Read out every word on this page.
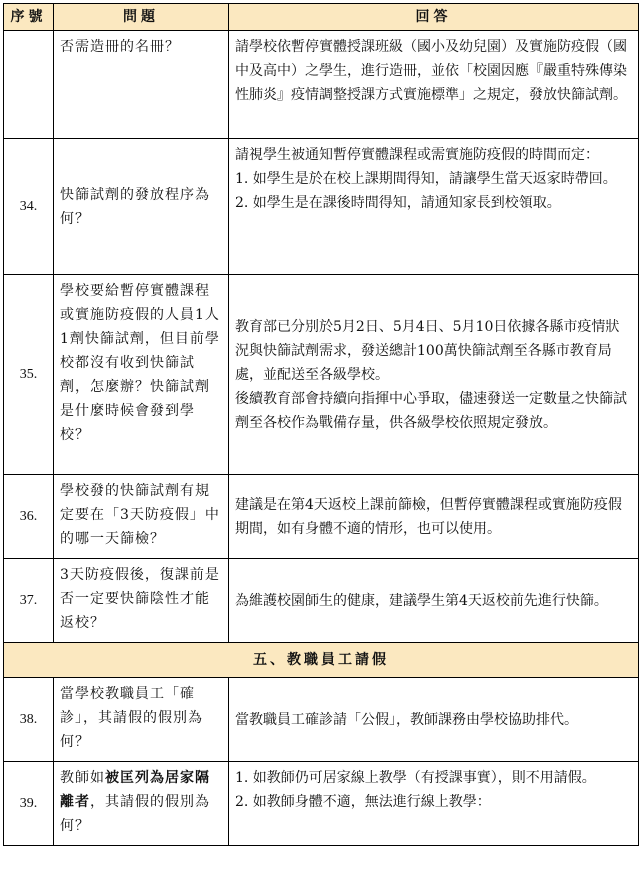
序號	問題	回答
	否需造冊的名冊？	請學校依暫停實體授課班級（國小及幼兒園）及實施防疫假（國中及高中）之學生，進行造冊，並依「校園因應『嚴重特殊傳染性肺炎』疫情調整授課方式實施標準」之規定，發放快篩試劑。

34.	快篩試劑的發放程序為何？	請視學生被通知暫停實體課程或需實施防疫假的時間而定：
1. 如學生是於在校上課期間得知，請讓學生當天返家時帶回。
2. 如學生是在課後時間得知，請通知家長到校領取。

35.	學校要給暫停實體課程或實施防疫假的人員1人1劑快篩試劑，但目前學校都沒有收到快篩試劑，怎麼辦？快篩試劑是什麼時候會發到學校？	教育部已分別於5月2日、5月4日、5月10日依據各縣市疫情狀況與快篩試劑需求，發送總計100萬快篩試劑至各縣市教育局處，並配送至各級學校。
後續教育部會持續向指揮中心爭取，儘速發送一定數量之快篩試劑至各校作為戰備存量，供各級學校依照規定發放。

36.	學校發的快篩試劑有規定要在「3天防疫假」中的哪一天篩檢？	建議是在第4天返校上課前篩檢，但暫停實體課程或實施防疫假期間，如有身體不適的情形，也可以使用。

37.	3天防疫假後，復課前是否一定要快篩陰性才能返校？	為維護校園師生的健康，建議學生第4天返校前先進行快篩。

五、教職員工請假		
38.	當學校教職員工「確診」，其請假的假別為何？	當教職員工確診請「公假」，教師課務由學校協助排代。

39.	教師如被匡列為居家隔離者，其請假的假別為何？	1. 如教師仍可居家線上教學（有授課事實），則不用請假。
2. 如教師身體不適，無法進行線上教學：
